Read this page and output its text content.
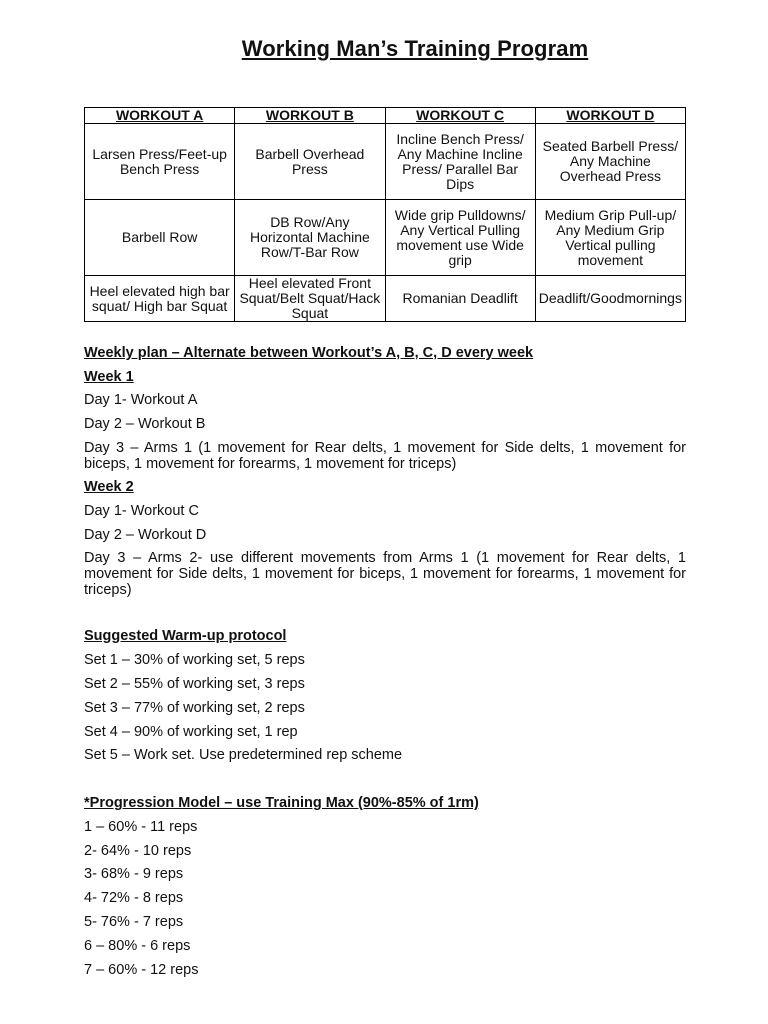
Working Man’s Training Program
WORKOUT A	WORKOUT B	WORKOUT C	WORKOUT D
Larsen Press/Feet-up Bench Press	Barbell Overhead Press	Incline Bench Press/ Any Machine Incline Press/ Parallel Bar Dips	Seated Barbell Press/ Any Machine Overhead Press
Barbell Row	DB Row/Any Horizontal Machine Row/T-Bar Row	Wide grip Pulldowns/ Any Vertical Pulling movement use Wide grip	Medium Grip Pull-up/ Any Medium Grip Vertical pulling movement
Heel elevated high bar squat/ High bar Squat	Heel elevated Front Squat/Belt Squat/Hack Squat	Romanian Deadlift	Deadlift/Goodmornings
Weekly plan – Alternate between Workout’s A, B, C, D every week
Week 1
Day 1- Workout A
Day 2 – Workout B
Day 3 – Arms 1 (1 movement for Rear delts, 1 movement for Side delts, 1 movement for biceps, 1 movement for forearms, 1 movement for triceps)
Week 2
Day 1- Workout C
Day 2 – Workout D
Day 3 – Arms 2- use different movements from Arms 1 (1 movement for Rear delts, 1 movement for Side delts, 1 movement for biceps, 1 movement for forearms, 1 movement for triceps)
Suggested Warm-up protocol
Set 1 – 30% of working set, 5 reps
Set 2 – 55% of working set, 3 reps
Set 3 – 77% of working set, 2 reps
Set 4 – 90% of working set, 1 rep
Set 5 – Work set. Use predetermined rep scheme
*Progression Model – use Training Max (90%-85% of 1rm)
1 – 60% - 11 reps
2- 64% - 10 reps
3- 68% - 9 reps
4- 72% - 8 reps
5- 76% - 7 reps
6 – 80% - 6 reps
7 – 60% - 12 reps
